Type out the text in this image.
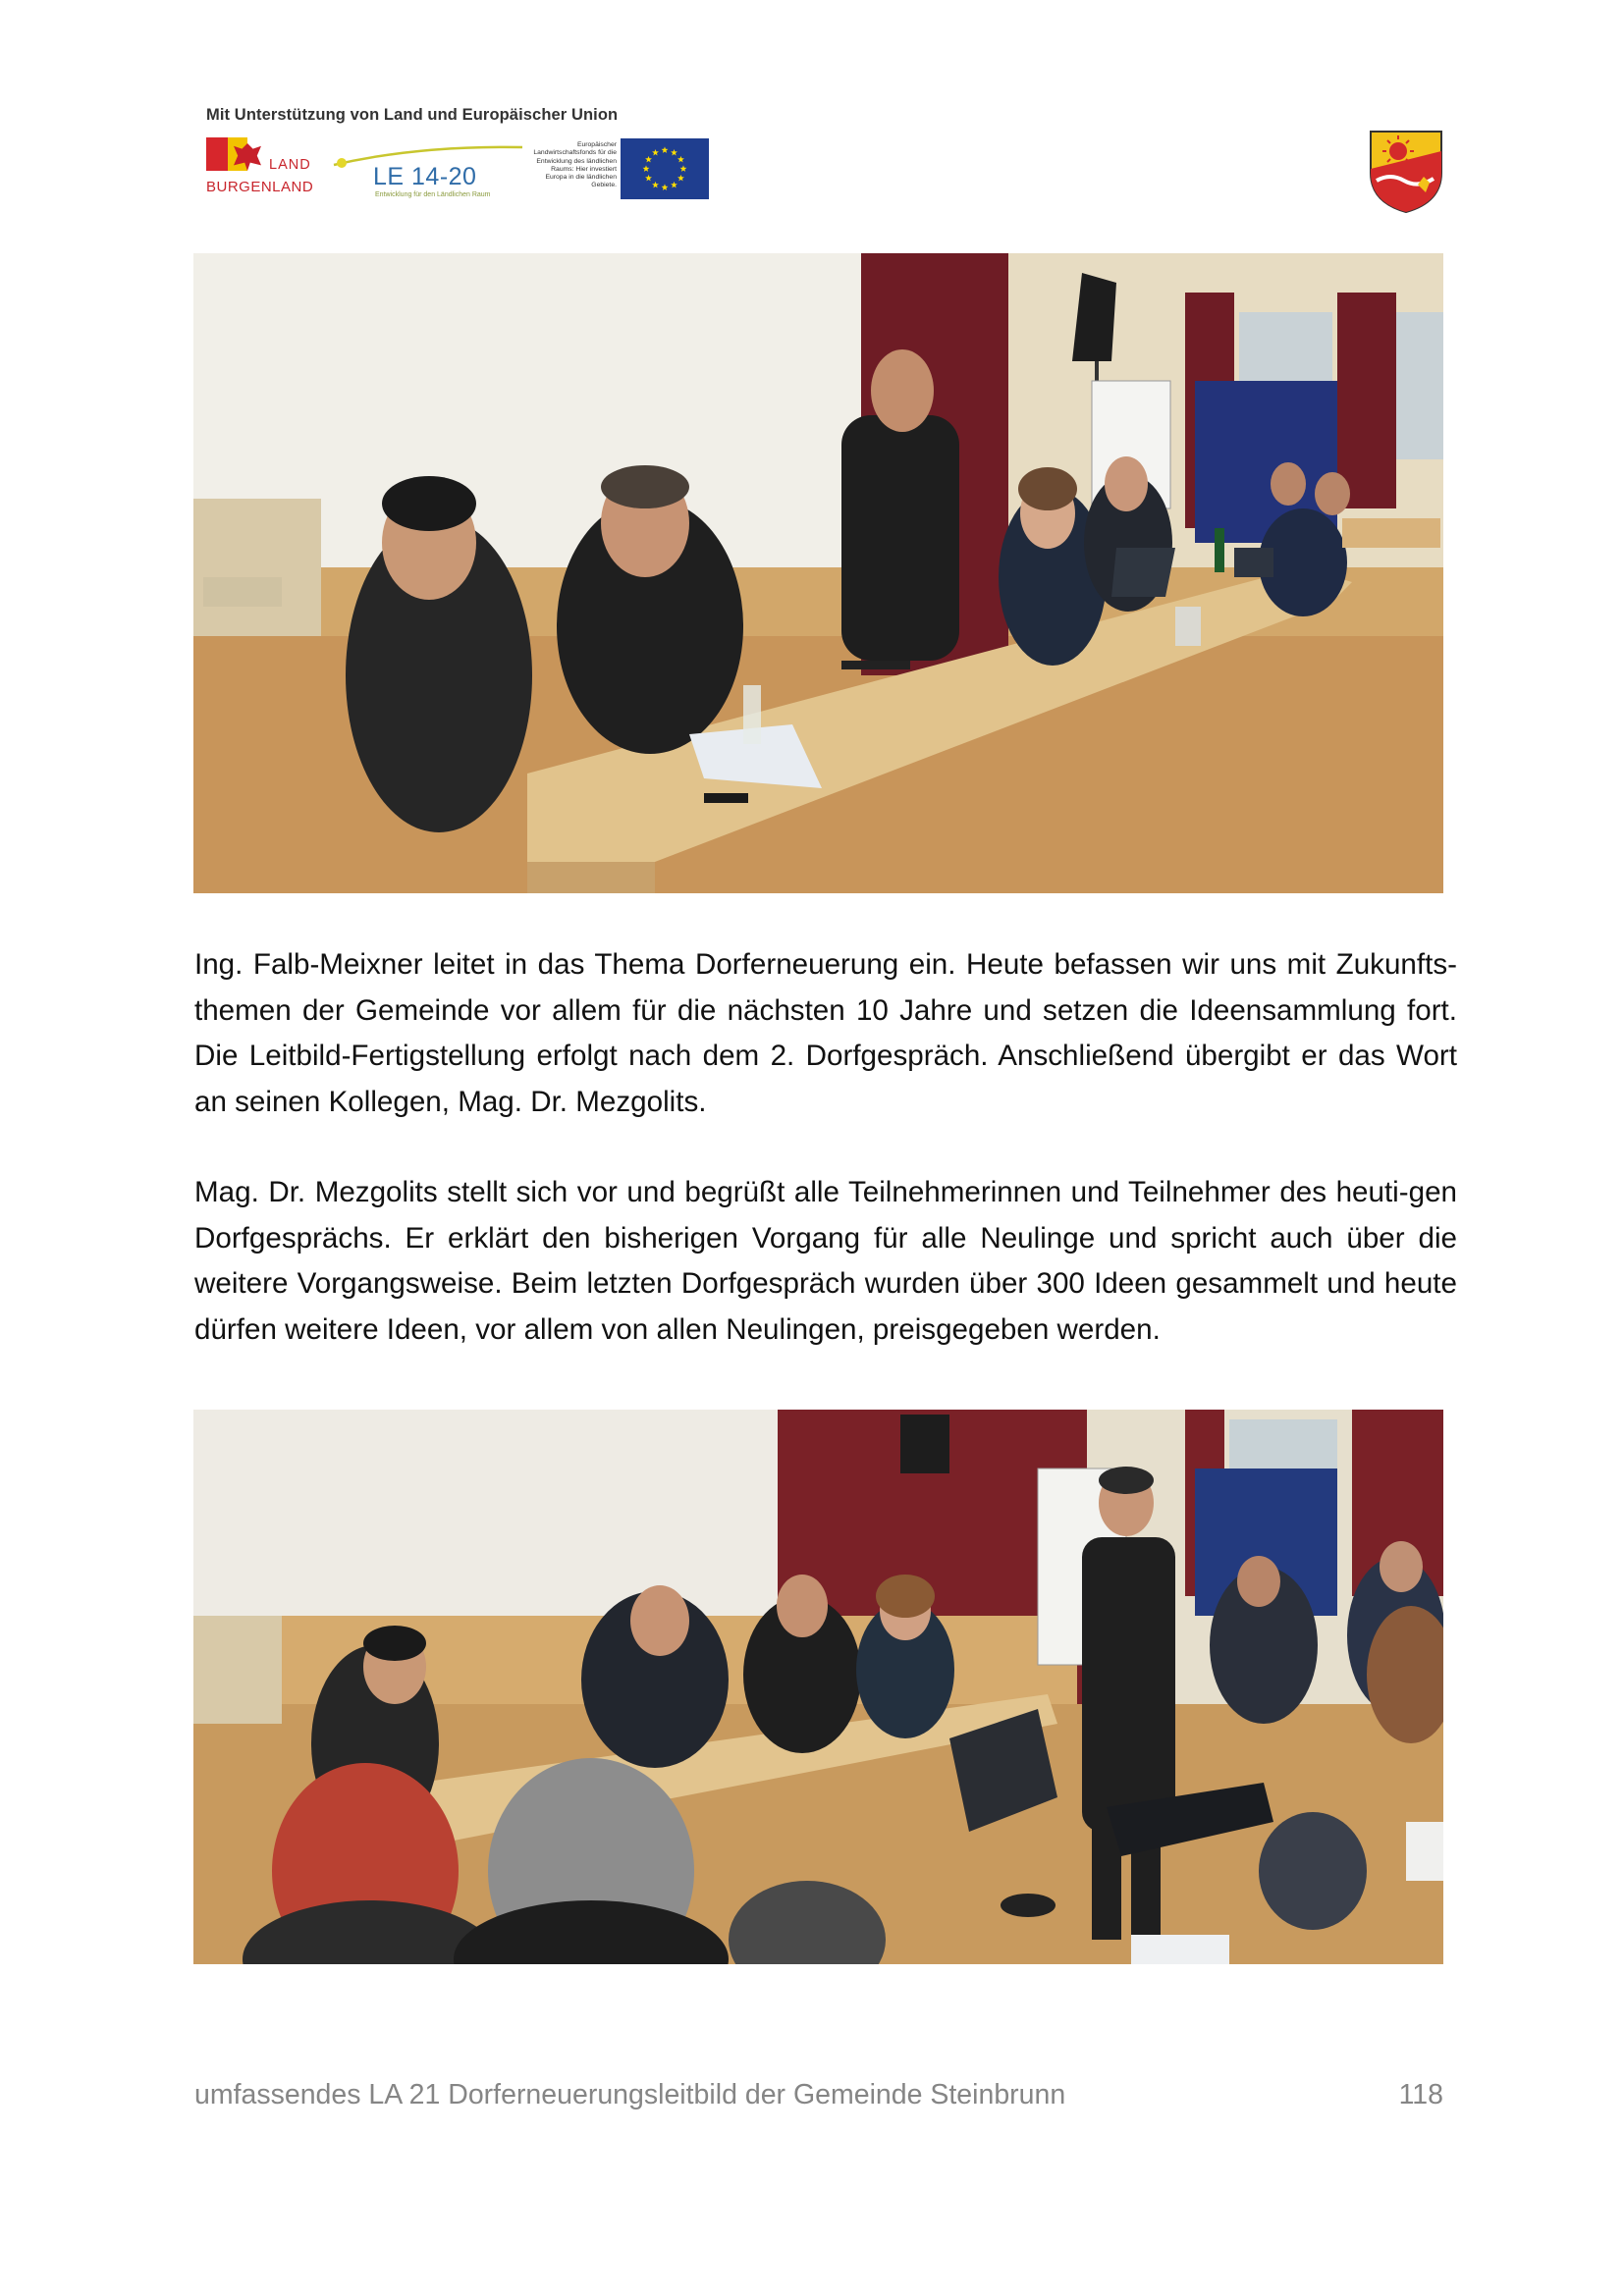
Mit Unterstützung von Land und Europäischer Union
LAND
BURGENLAND LE 14-20
Entwicklung für den Ländlichen Raum
Europäischer Landwirtschaftsfonds für die Entwicklung des ländlichen Raums: Hier investiert Europa in die ländlichen Gebiete.
Ing. Falb-Meixner leitet in das Thema Dorferneuerung ein. Heute befassen wir uns mit Zukunfts-themen der Gemeinde vor allem für die nächsten 10 Jahre und setzen die Ideensammlung fort. Die Leitbild-Fertigstellung erfolgt nach dem 2. Dorfgespräch. Anschließend übergibt er das Wort an seinen Kollegen, Mag. Dr. Mezgolits.
Mag. Dr. Mezgolits stellt sich vor und begrüßt alle Teilnehmerinnen und Teilnehmer des heuti-gen Dorfgesprächs. Er erklärt den bisherigen Vorgang für alle Neulinge und spricht auch über die weitere Vorgangsweise. Beim letzten Dorfgespräch wurden über 300 Ideen gesammelt und heute dürfen weitere Ideen, vor allem von allen Neulingen, preisgegeben werden.
umfassendes LA 21 Dorferneuerungsleitbild der Gemeinde Steinbrunn	118
